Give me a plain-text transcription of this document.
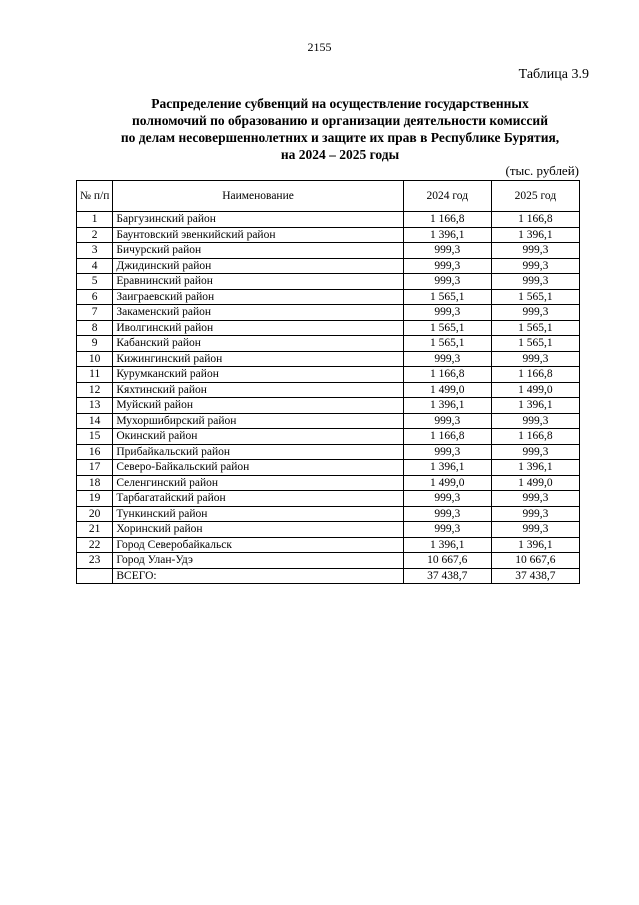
2155
Таблица 3.9
Распределение субвенций на осуществление государственных
полномочий по образованию и организации деятельности комиссий
по делам несовершеннолетних и защите их прав в Республике Бурятия,
на 2024 – 2025 годы
(тыс. рублей)
№ п/п	Наименование	2024 год	2025 год
1	Баргузинский район	1 166,8	1 166,8
2	Баунтовский эвенкийский район	1 396,1	1 396,1
3	Бичурский район	999,3	999,3
4	Джидинский район	999,3	999,3
5	Еравнинский район	999,3	999,3
6	Заиграевский район	1 565,1	1 565,1
7	Закаменский район	999,3	999,3
8	Иволгинский район	1 565,1	1 565,1
9	Кабанский район	1 565,1	1 565,1
10	Кижингинский район	999,3	999,3
11	Курумканский район	1 166,8	1 166,8
12	Кяхтинский район	1 499,0	1 499,0
13	Муйский район	1 396,1	1 396,1
14	Мухоршибирский район	999,3	999,3
15	Окинский район	1 166,8	1 166,8
16	Прибайкальский район	999,3	999,3
17	Северо-Байкальский район	1 396,1	1 396,1
18	Селенгинский район	1 499,0	1 499,0
19	Тарбагатайский район	999,3	999,3
20	Тункинский район	999,3	999,3
21	Хоринский район	999,3	999,3
22	Город Северобайкальск	1 396,1	1 396,1
23	Город Улан-Удэ	10 667,6	10 667,6
	ВСЕГО:	37 438,7	37 438,7
